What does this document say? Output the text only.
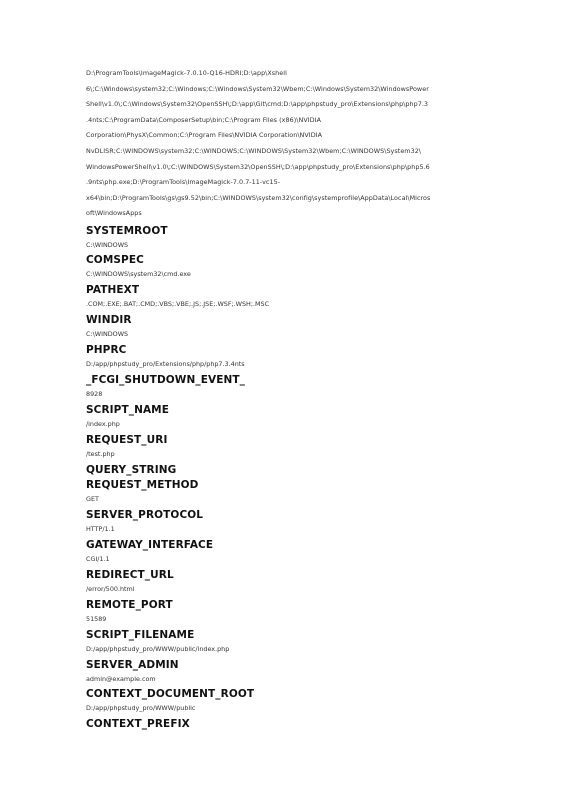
D:\ProgramTools\ImageMagick-7.0.10-Q16-HDRI;D:\app\Xshell
6\;C:\Windows\system32;C:\Windows;C:\Windows\System32\Wbem;C:\Windows\System32\WindowsPower
Shell\v1.0\;C:\Windows\System32\OpenSSH\;D:\app\Git\cmd;D:\app\phpstudy_pro\Extensions\php\php7.3
.4nts;C:\ProgramData\ComposerSetup\bin;C:\Program Files (x86)\NVIDIA
Corporation\PhysX\Common;C:\Program Files\NVIDIA Corporation\NVIDIA
NvDLISR;C:\WINDOWS\system32;C:\WINDOWS;C:\WINDOWS\System32\Wbem;C:\WINDOWS\System32\
WindowsPowerShell\v1.0\;C:\WINDOWS\System32\OpenSSH\;D:\app\phpstudy_pro\Extensions\php\php5.6
.9nts\php.exe;D:\ProgramTools\ImageMagick-7.0.7-11-vc15-
x64\bin;D:\ProgramTools\gs\gs9.52\bin;C:\WINDOWS\system32\config\systemprofile\AppData\Local\Micros
oft\WindowsApps
SYSTEMROOT
C:\WINDOWS
COMSPEC
C:\WINDOWS\system32\cmd.exe
PATHEXT
.COM;.EXE;.BAT;.CMD;.VBS;.VBE;.JS;.JSE;.WSF;.WSH;.MSC
WINDIR
C:\WINDOWS
PHPRC
D:/app/phpstudy_pro/Extensions/php/php7.3.4nts
_FCGI_SHUTDOWN_EVENT_
8928
SCRIPT_NAME
/index.php
REQUEST_URI
/test.php
QUERY_STRING
REQUEST_METHOD
GET
SERVER_PROTOCOL
HTTP/1.1
GATEWAY_INTERFACE
CGI/1.1
REDIRECT_URL
/error/500.html
REMOTE_PORT
51589
SCRIPT_FILENAME
D:/app/phpstudy_pro/WWW/public/index.php
SERVER_ADMIN
admin@example.com
CONTEXT_DOCUMENT_ROOT
D:/app/phpstudy_pro/WWW/public
CONTEXT_PREFIX
